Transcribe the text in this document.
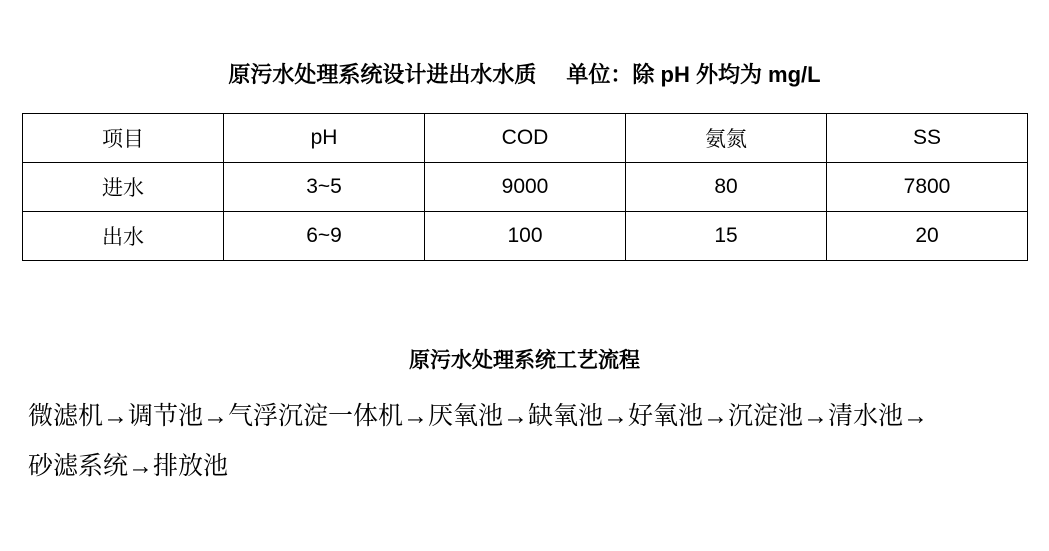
原污水处理系统设计进出水水质 单位：除 pH 外均为 mg/L
项目	pH	COD	氨氮	SS
进水	3~5	9000	80	7800
出水	6~9	100	15	20
原污水处理系统工艺流程
微滤机→调节池→气浮沉淀一体机→厌氧池→缺氧池→好氧池→沉淀池→清水池→
砂滤系统→排放池
